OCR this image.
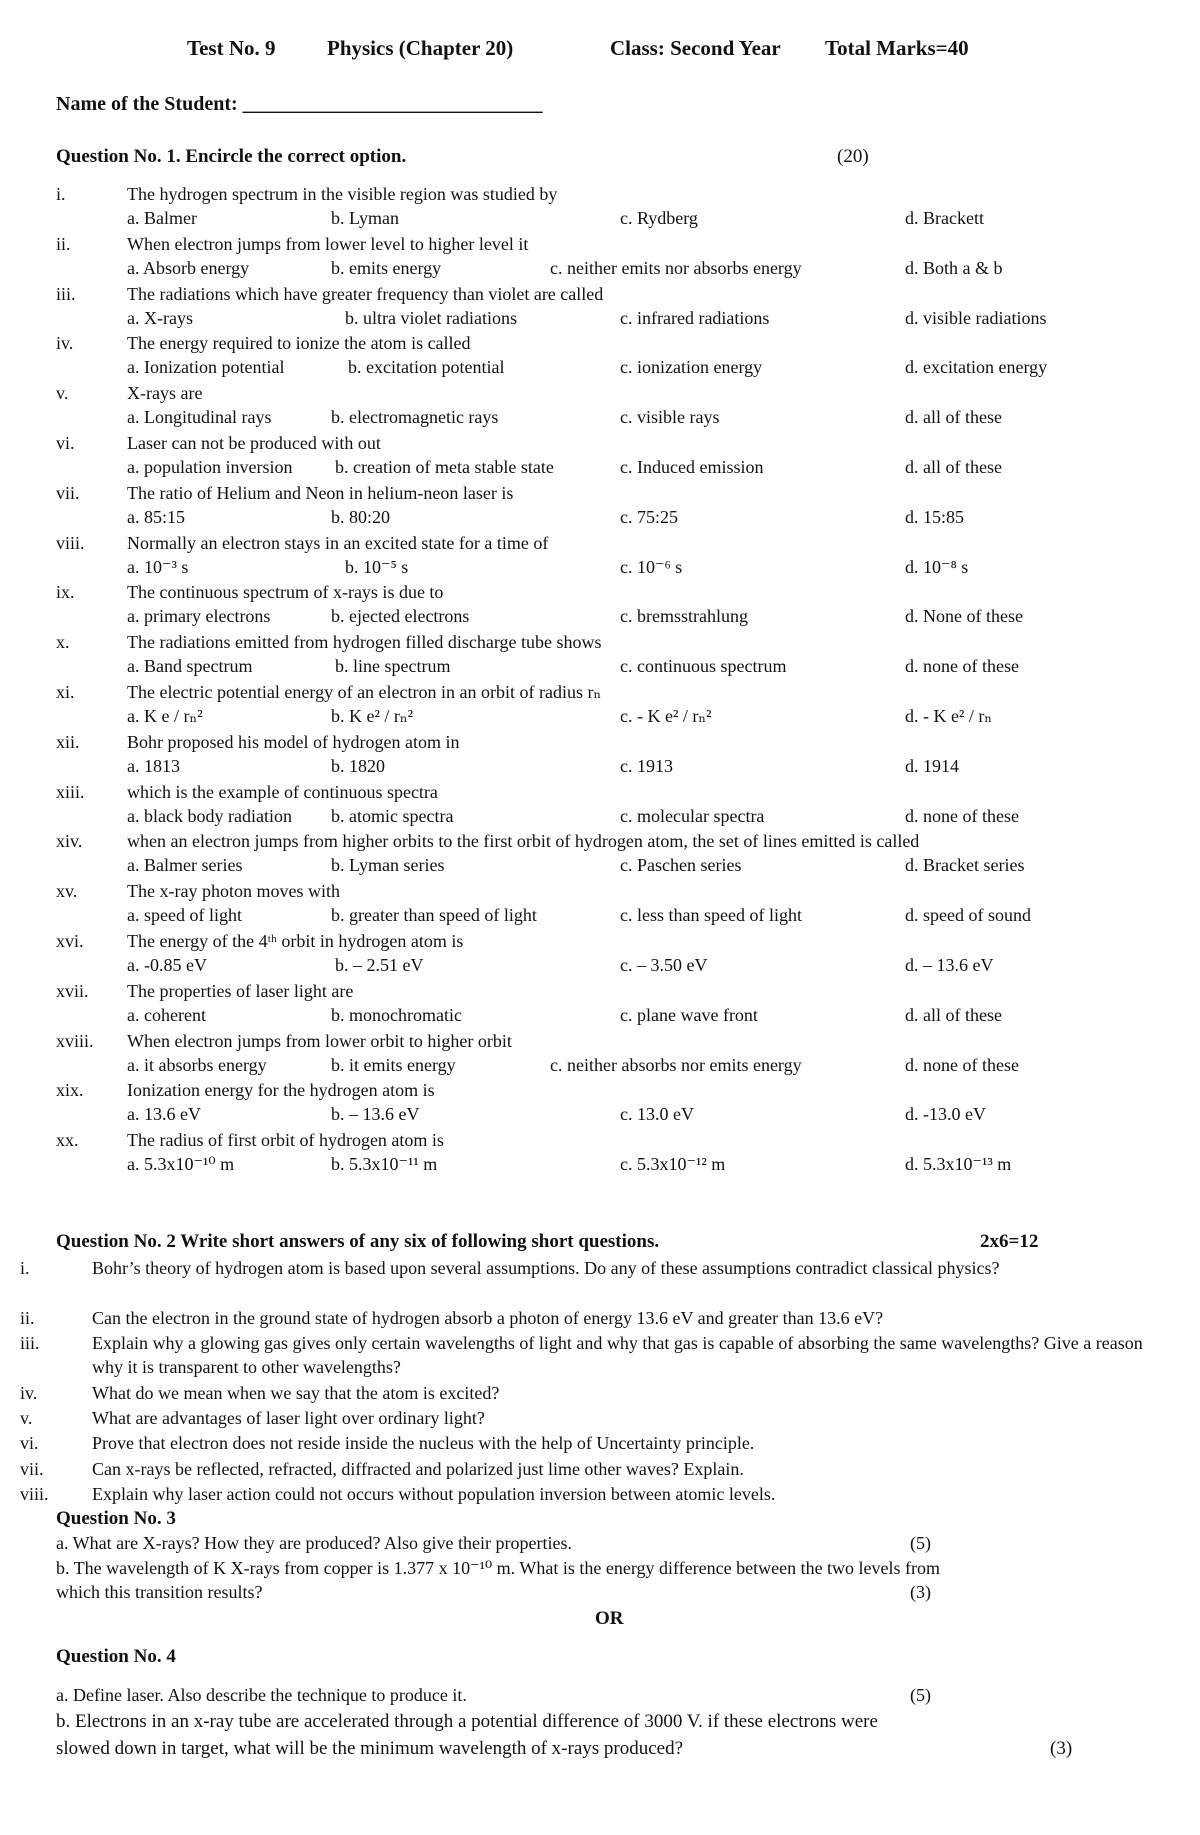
Test No. 9 Physics (Chapter 20)	Class: Second Year Total Marks=40
Name of the Student: ______________________________
Question No. 1. Encircle the correct option.	(20)
i.	The hydrogen spectrum in the visible region was studied by
a. Balmer	b. Lyman	c. Rydberg	d. Brackett
ii.	When electron jumps from lower level to higher level it
a. Absorb energy	b. emits energy	c. neither emits nor absorbs energy	d. Both a & b
iii.	The radiations which have greater frequency than violet are called
a. X-rays	b. ultra violet radiations	c. infrared radiations	d. visible radiations
iv.	The energy required to ionize the atom is called
a. Ionization potential	b. excitation potential	c. ionization energy	d. excitation energy
v.	X-rays are
a. Longitudinal rays	b. electromagnetic rays	c. visible rays	d. all of these
vi.	Laser can not be produced with out
a. population inversion b. creation of meta stable state	c. Induced emission	d. all of these
vii.	The ratio of Helium and Neon in helium-neon laser is
a. 85:15	b. 80:20	c. 75:25	d. 15:85
viii. Normally an electron stays in an excited state for a time of
a. 10⁻³ s	b. 10⁻⁵ s	c. 10⁻⁶ s	d. 10⁻⁸ s
ix.	The continuous spectrum of x-rays is due to
a. primary electrons	b. ejected electrons	c. bremsstrahlung	d. None of these
x.	The radiations emitted from hydrogen filled discharge tube shows
a. Band spectrum	b. line spectrum	c. continuous spectrum	d. none of these
xi.	The electric potential energy of an electron in an orbit of radius rₙ
a. K e / rₙ²	b. K e² / rₙ²	c. - K e² / rₙ²	d. - K e² / rₙ
xii.	Bohr proposed his model of hydrogen atom in
a. 1813	b. 1820	c. 1913	d. 1914
xiii. which is the example of continuous spectra
a. black body radiation b. atomic spectra	c. molecular spectra	d. none of these
xiv. when an electron jumps from higher orbits to the first orbit of hydrogen atom, the set of lines emitted is called
a. Balmer series	b. Lyman series	c. Paschen series	d. Bracket series
xv.	The x-ray photon moves with
a. speed of light	b. greater than speed of light	c. less than speed of light	d. speed of sound
xvi. The energy of the 4ᵗʰ orbit in hydrogen atom is
a. -0.85 eV	b. – 2.51 eV	c. – 3.50 eV	d. – 13.6 eV
xvii. The properties of laser light are
a. coherent	b. monochromatic	c. plane wave front	d. all of these
xviii. When electron jumps from lower orbit to higher orbit
a. it absorbs energy	b. it emits energy	c. neither absorbs nor emits energy	d. none of these
xix. Ionization energy for the hydrogen atom is
a. 13.6 eV	b. – 13.6 eV	c. 13.0 eV	d. -13.0 eV
xx.	The radius of first orbit of hydrogen atom is
a. 5.3x10⁻¹⁰ m	b. 5.3x10⁻¹¹ m	c. 5.3x10⁻¹² m	d. 5.3x10⁻¹³ m
Question No. 2 Write short answers of any six of following short questions.	2x6=12
i.	Bohr’s theory of hydrogen atom is based upon several assumptions. Do any of these assumptions contradict classical physics?
ii.	Can the electron in the ground state of hydrogen absorb a photon of energy 13.6 eV and greater than 13.6 eV?
iii.	Explain why a glowing gas gives only certain wavelengths of light and why that gas is capable of absorbing the same wavelengths? Give a reason why it is transparent to other wavelengths?
iv.	What do we mean when we say that the atom is excited?
v.	What are advantages of laser light over ordinary light?
vi.	Prove that electron does not reside inside the nucleus with the help of Uncertainty principle.
vii.	Can x-rays be reflected, refracted, diffracted and polarized just lime other waves? Explain.
viii. Explain why laser action could not occurs without population inversion between atomic levels.
Question No. 3
a. What are X-rays? How they are produced? Also give their properties.	(5)
b. The wavelength of K X-rays from copper is 1.377 x 10⁻¹⁰ m. What is the energy difference between the two levels from
which this transition results?	(3)
OR
Question No. 4
a. Define laser. Also describe the technique to produce it.	(5)
b. Electrons in an x-ray tube are accelerated through a potential difference of 3000 V. if these electrons were
slowed down in target, what will be the minimum wavelength of x-rays produced?	(3)
